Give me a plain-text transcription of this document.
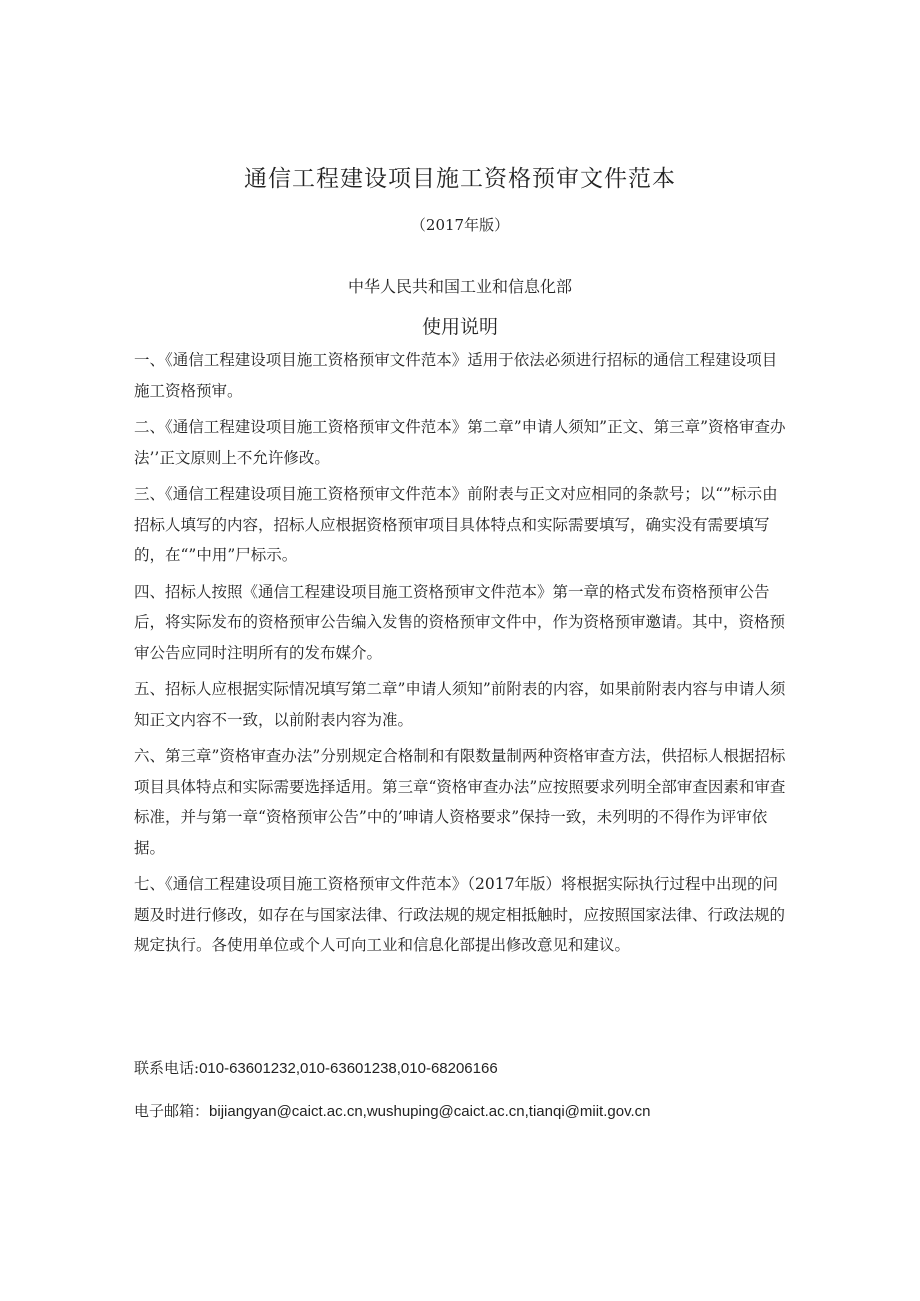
通信工程建设项目施工资格预审文件范本
（2017年版）
中华人民共和国工业和信息化部
使用说明

一、《通信工程建设项目施工资格预审文件范本》适用于依法必须进行招标的通信工程建设项目施工资格预审。

二、《通信工程建设项目施工资格预审文件范本》第二章”申请人须知”正文、第三章”资格审查办法’’正文原则上不允许修改。

三、《通信工程建设项目施工资格预审文件范本》前附表与正文对应相同的条款号；以“”标示由招标人填写的内容，招标人应根据资格预审项目具体特点和实际需要填写，确实没有需要填写的，在“”中用”尸标示。

四、招标人按照《通信工程建设项目施工资格预审文件范本》第一章的格式发布资格预审公告后，将实际发布的资格预审公告编入发售的资格预审文件中，作为资格预审邀请。其中，资格预审公告应同时注明所有的发布媒介。

五、招标人应根据实际情况填写第二章”申请人须知”前附表的内容，如果前附表内容与申请人须知正文内容不一致，以前附表内容为准。

六、第三章”资格审查办法”分别规定合格制和有限数量制两种资格审查方法，供招标人根据招标项目具体特点和实际需要选择适用。第三章“资格审查办法”应按照要求列明全部审查因素和审查标准，并与第一章“资格预审公告”中的’呻请人资格要求”保持一致，未列明的不得作为评审依据。

七、《通信工程建设项目施工资格预审文件范本》（2017年版）将根据实际执行过程中出现的问题及时进行修改，如存在与国家法律、行政法规的规定相抵触时，应按照国家法律、行政法规的规定执行。各使用单位或个人可向工业和信息化部提出修改意见和建议。

联系电话:010-63601232,010-63601238,010-68206166
电子邮箱：bijiangyan@caict.ac.cn,wushuping@caict.ac.cn,tianqi@miit.gov.cn
